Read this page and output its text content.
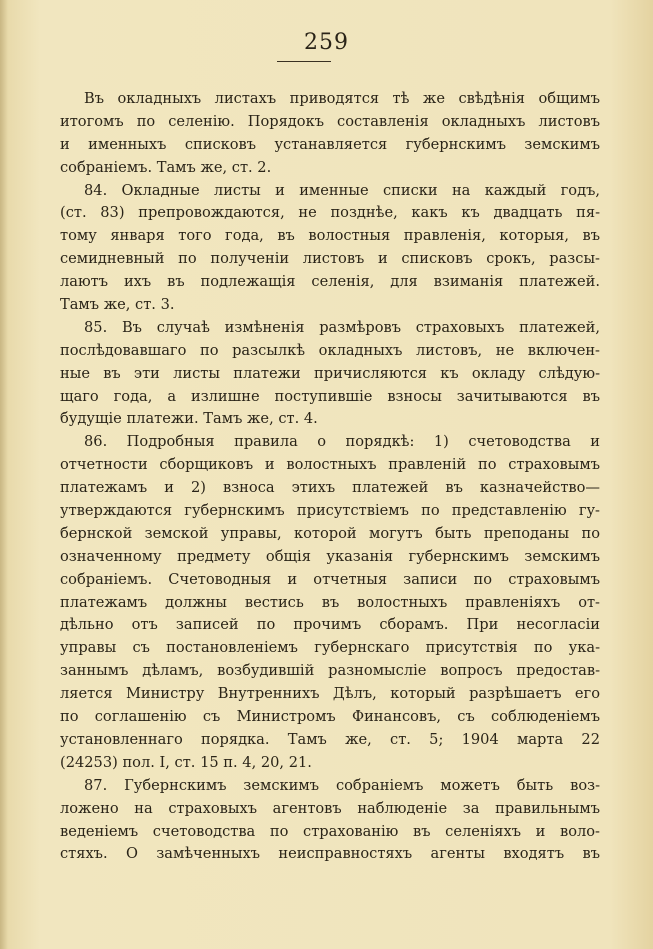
259
Въ окладныхъ листахъ приводятся тѣ же свѣдѣнія общимъ
итогомъ по селенію. Порядокъ составленія окладныхъ листовъ
и именныхъ списковъ устанавляется губернскимъ земскимъ
собраніемъ. Тамъ же, ст. 2.
84. Окладные листы и именные списки на каждый годъ,
(ст. 83) препровождаются, не позднѣе, какъ къ двадцать пя-
тому января того года, въ волостныя правленія, которыя, въ
семидневный по полученіи листовъ и списковъ срокъ, разсы-
лаютъ ихъ въ подлежащія селенія, для взиманія платежей.
Тамъ же, ст. 3.
85. Въ случаѣ измѣненія размѣровъ страховыхъ платежей,
послѣдовавшаго по разсылкѣ окладныхъ листовъ, не включен-
ные въ эти листы платежи причисляются къ окладу слѣдую-
щаго года, а излишне поступившіе взносы зачитываются въ
будущіе платежи. Тамъ же, ст. 4.
86. Подробныя правила о порядкѣ: 1) счетоводства и
отчетности сборщиковъ и волостныхъ правленій по страховымъ
платежамъ и 2) взноса этихъ платежей въ казначейство—
утверждаются губернскимъ присутствіемъ по представленію гу-
бернской земской управы, которой могутъ быть преподаны по
означенному предмету общія указанія губернскимъ земскимъ
собраніемъ. Счетоводныя и отчетныя записи по страховымъ
платежамъ должны вестись въ волостныхъ правленіяхъ от-
дѣльно отъ записей по прочимъ сборамъ. При несогласіи
управы съ постановленіемъ губернскаго присутствія по ука-
заннымъ дѣламъ, возбудившій разномысліе вопросъ предостав-
ляется Министру Внутреннихъ Дѣлъ, который разрѣшаетъ его
по соглашенію съ Министромъ Финансовъ, съ соблюденіемъ
установленнаго порядка. Тамъ же, ст. 5; 1904 марта 22
(24253) пол. I, ст. 15 п. 4, 20, 21.
87. Губернскимъ земскимъ собраніемъ можетъ быть воз-
ложено на страховыхъ агентовъ наблюденіе за правильнымъ
веденіемъ счетоводства по страхованію въ селеніяхъ и воло-
стяхъ. О замѣченныхъ неисправностяхъ агенты входятъ въ
